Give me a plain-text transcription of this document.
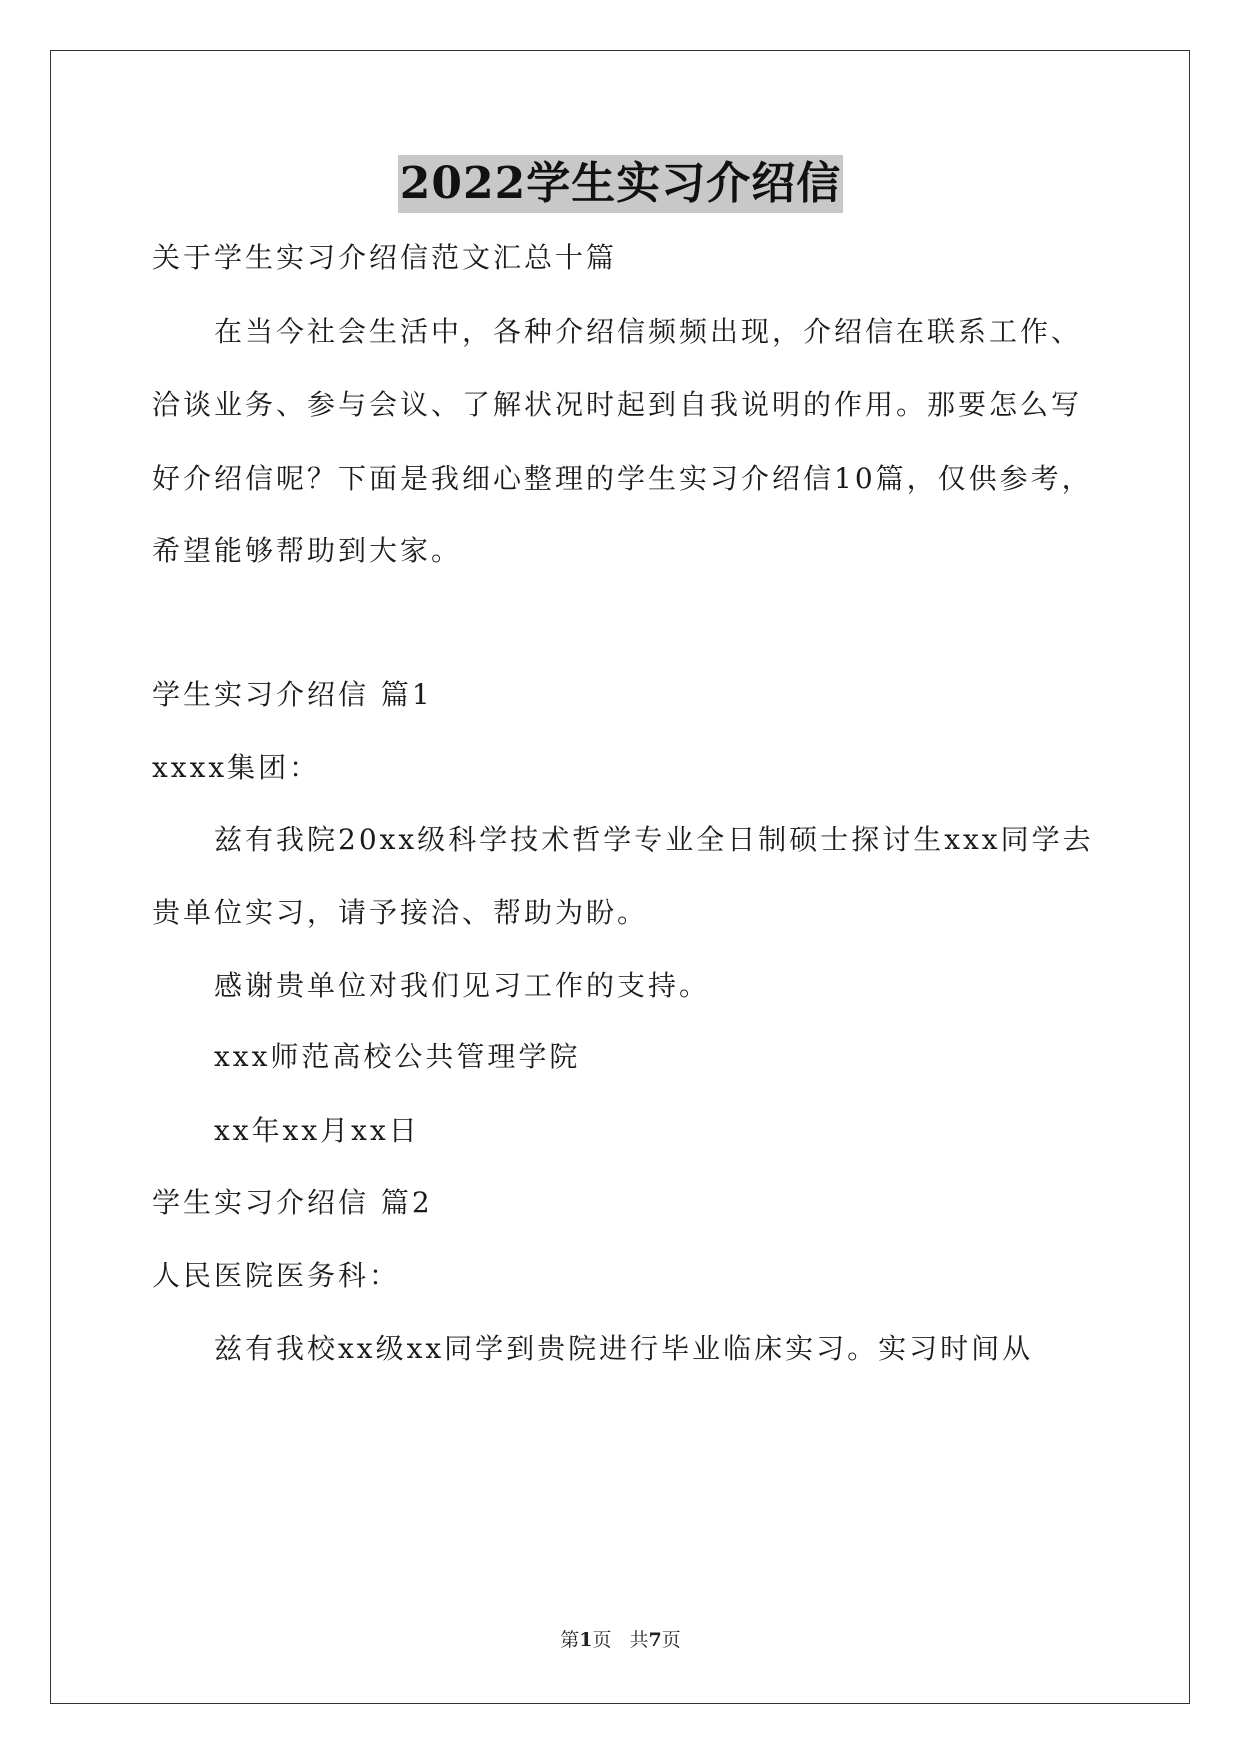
2022学生实习介绍信
关于学生实习介绍信范文汇总十篇
在当今社会生活中，各种介绍信频频出现，介绍信在联系工作、
洽谈业务、参与会议、了解状况时起到自我说明的作用。那要怎么写
好介绍信呢？下面是我细心整理的学生实习介绍信10篇，仅供参考，
希望能够帮助到大家。
学生实习介绍信 篇1
xxxx集团：
兹有我院20xx级科学技术哲学专业全日制硕士探讨生xxx同学去
贵单位实习，请予接洽、帮助为盼。
感谢贵单位对我们见习工作的支持。
xxx师范高校公共管理学院
xx年xx月xx日
学生实习介绍信 篇2
人民医院医务科：
兹有我校xx级xx同学到贵院进行毕业临床实习。实习时间从
第1页 共7页
